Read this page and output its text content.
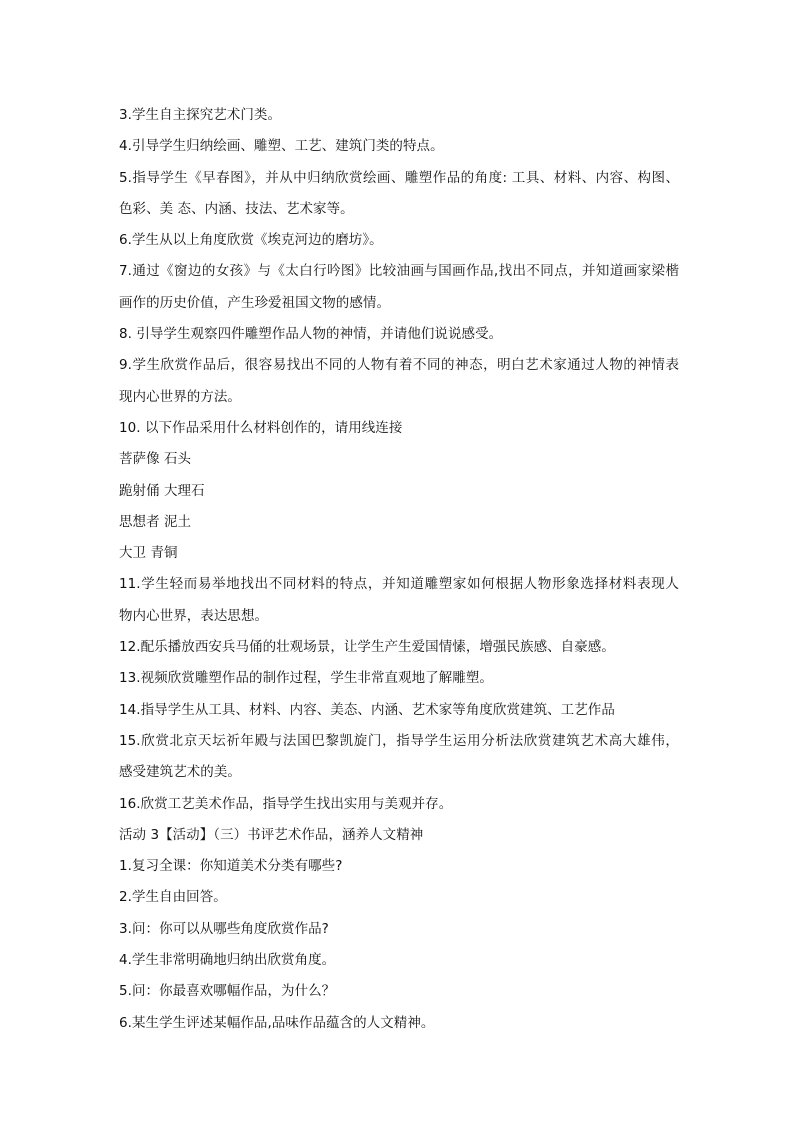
3.学生自主探究艺术门类。
4.引导学生归纳绘画、雕塑、工艺、建筑门类的特点。
5.指导学生《早春图》，并从中归纳欣赏绘画、雕塑作品的角度: 工具、材料、内容、构图、
色彩、美 态、内涵、技法、艺术家等。
6.学生从以上角度欣赏《埃克河边的磨坊》。
7.通过《窗边的女孩》与《太白行吟图》比较油画与国画作品,找出不同点，并知道画家梁楷
画作的历史价值，产生珍爱祖国文物的感情。
8. 引导学生观察四件雕塑作品人物的神情，并请他们说说感受。
9.学生欣赏作品后，很容易找出不同的人物有着不同的神态，明白艺术家通过人物的神情表
现内心世界的方法。
10. 以下作品采用什么材料创作的，请用线连接
菩萨像 石头
跪射俑 大理石
思想者 泥土
大卫 青铜
11.学生轻而易举地找出不同材料的特点，并知道雕塑家如何根据人物形象选择材料表现人
物内心世界，表达思想。
12.配乐播放西安兵马俑的壮观场景，让学生产生爱国情愫，增强民族感、自豪感。
13.视频欣赏雕塑作品的制作过程，学生非常直观地了解雕塑。
14.指导学生从工具、材料、内容、美态、内涵、艺术家等角度欣赏建筑、工艺作品
15.欣赏北京天坛祈年殿与法国巴黎凯旋门，指导学生运用分析法欣赏建筑艺术高大雄伟，
感受建筑艺术的美。
16.欣赏工艺美术作品，指导学生找出实用与美观并存。
活动 3【活动】（三）书评艺术作品，涵养人文精神
1.复习全课：你知道美术分类有哪些?
2.学生自由回答。
3.问：你可以从哪些角度欣赏作品?
4.学生非常明确地归纳出欣赏角度。
5.问：你最喜欢哪幅作品，为什么？
6.某生学生评述某幅作品,品味作品蕴含的人文精神。
